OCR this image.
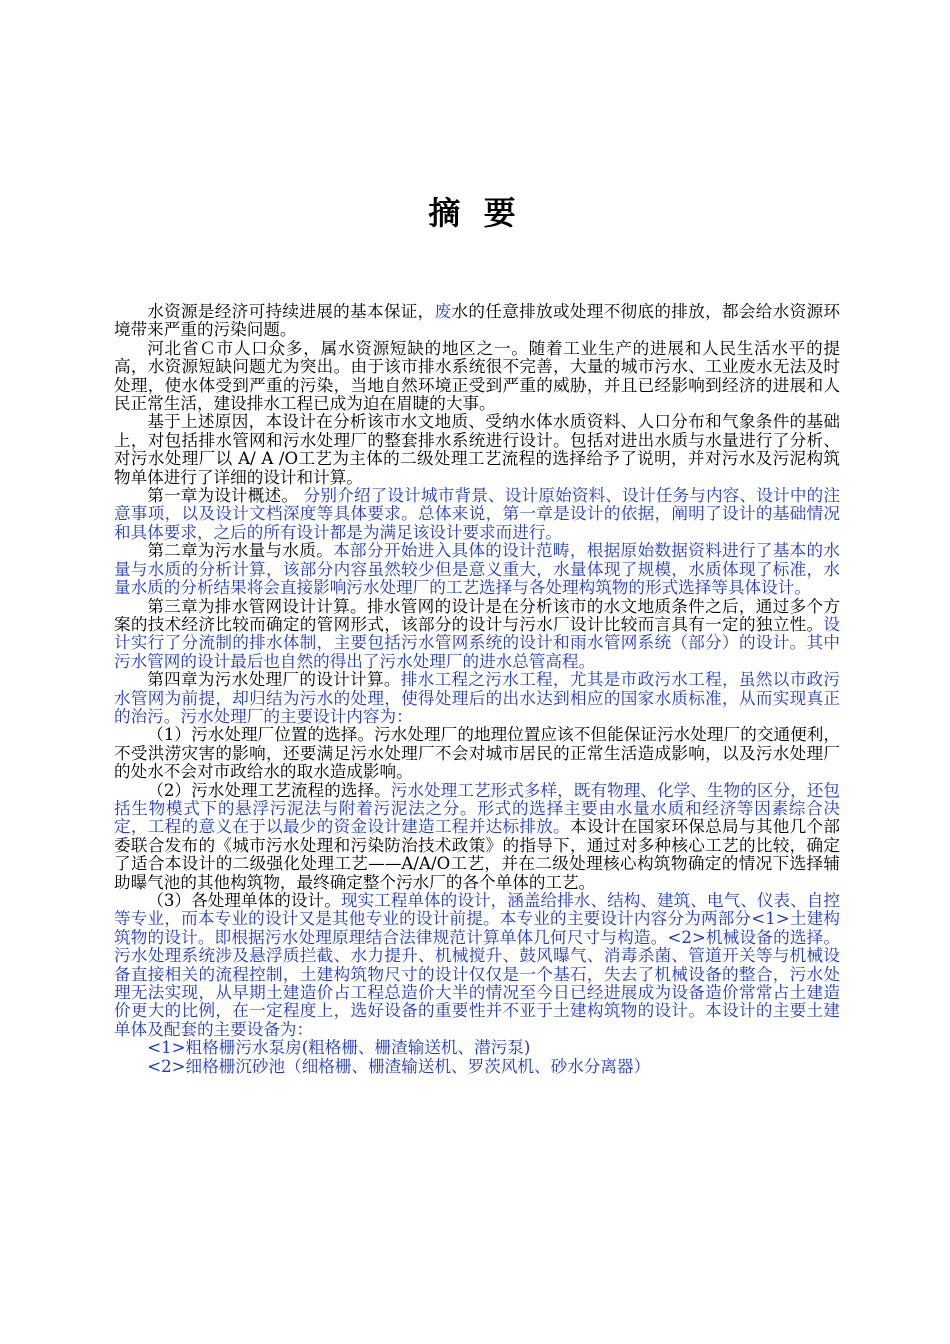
摘 要

水资源是经济可持续进展的基本保证，废水的任意排放或处理不彻底的排放，都会给水资源环境带来严重的污染问题。

河北省Ｃ市人口众多，属水资源短缺的地区之一。随着工业生产的进展和人民生活水平的提高，水资源短缺问题尤为突出。由于该市排水系统很不完善，大量的城市污水、工业废水无法及时处理，使水体受到严重的污染，当地自然环境正受到严重的威胁，并且已经影响到经济的进展和人民正常生活，建设排水工程已成为迫在眉睫的大事。

基于上述原因，本设计在分析该市水文地质、受纳水体水质资料、人口分布和气象条件的基础上，对包括排水管网和污水处理厂的整套排水系统进行设计。包括对进出水质与水量进行了分析、对污水处理厂以 A/ A /O工艺为主体的二级处理工艺流程的选择给予了说明，并对污水及污泥构筑物单体进行了详细的设计和计算。

第一章为设计概述。 分别介绍了设计城市背景、设计原始资料、设计任务与内容、设计中的注意事项，以及设计文档深度等具体要求。总体来说，第一章是设计的依据，阐明了设计的基础情况和具体要求，之后的所有设计都是为满足该设计要求而进行。

第二章为污水量与水质。本部分开始进入具体的设计范畴，根据原始数据资料进行了基本的水量与水质的分析计算，该部分内容虽然较少但是意义重大，水量体现了规模，水质体现了标准，水量水质的分析结果将会直接影响污水处理厂的工艺选择与各处理构筑物的形式选择等具体设计。

第三章为排水管网设计计算。排水管网的设计是在分析该市的水文地质条件之后，通过多个方案的技术经济比较而确定的管网形式，该部分的设计与污水厂设计比较而言具有一定的独立性。设计实行了分流制的排水体制，主要包括污水管网系统的设计和雨水管网系统（部分）的设计。其中污水管网的设计最后也自然的得出了污水处理厂的进水总管高程。

第四章为污水处理厂的设计计算。排水工程之污水工程，尤其是市政污水工程，虽然以市政污水管网为前提，却归结为污水的处理，使得处理后的出水达到相应的国家水质标准，从而实现真正的治污。污水处理厂的主要设计内容为：

（1）污水处理厂位置的选择。污水处理厂的地理位置应该不但能保证污水处理厂的交通便利，不受洪涝灾害的影响，还要满足污水处理厂不会对城市居民的正常生活造成影响，以及污水处理厂的处水不会对市政给水的取水造成影响。

（2）污水处理工艺流程的选择。污水处理工艺形式多样，既有物理、化学、生物的区分，还包括生物模式下的悬浮污泥法与附着污泥法之分。形式的选择主要由水量水质和经济等因素综合决定，工程的意义在于以最少的资金设计建造工程并达标排放。本设计在国家环保总局与其他几个部委联合发布的《城市污水处理和污染防治技术政策》的指导下，通过对多种核心工艺的比较，确定了适合本设计的二级强化处理工艺——A/A/O工艺，并在二级处理核心构筑物确定的情况下选择辅助曝气池的其他构筑物，最终确定整个污水厂的各个单体的工艺。

（3）各处理单体的设计。现实工程单体的设计，涵盖给排水、结构、建筑、电气、仪表、自控等专业，而本专业的设计又是其他专业的设计前提。本专业的主要设计内容分为两部分<1>土建构筑物的设计。即根据污水处理原理结合法律规范计算单体几何尺寸与构造。<2>机械设备的选择。污水处理系统涉及悬浮质拦截、水力提升、机械搅升、鼓风曝气、消毒杀菌、管道开关等与机械设备直接相关的流程控制，土建构筑物尺寸的设计仅仅是一个基石，失去了机械设备的整合，污水处理无法实现，从早期土建造价占工程总造价大半的情况至今日已经进展成为设备造价常常占土建造价更大的比例，在一定程度上，选好设备的重要性并不亚于土建构筑物的设计。本设计的主要土建单体及配套的主要设备为：

<1>粗格栅污水泵房(粗格栅、栅渣输送机、潜污泵)

<2>细格栅沉砂池（细格栅、栅渣输送机、罗茨风机、砂水分离器）
